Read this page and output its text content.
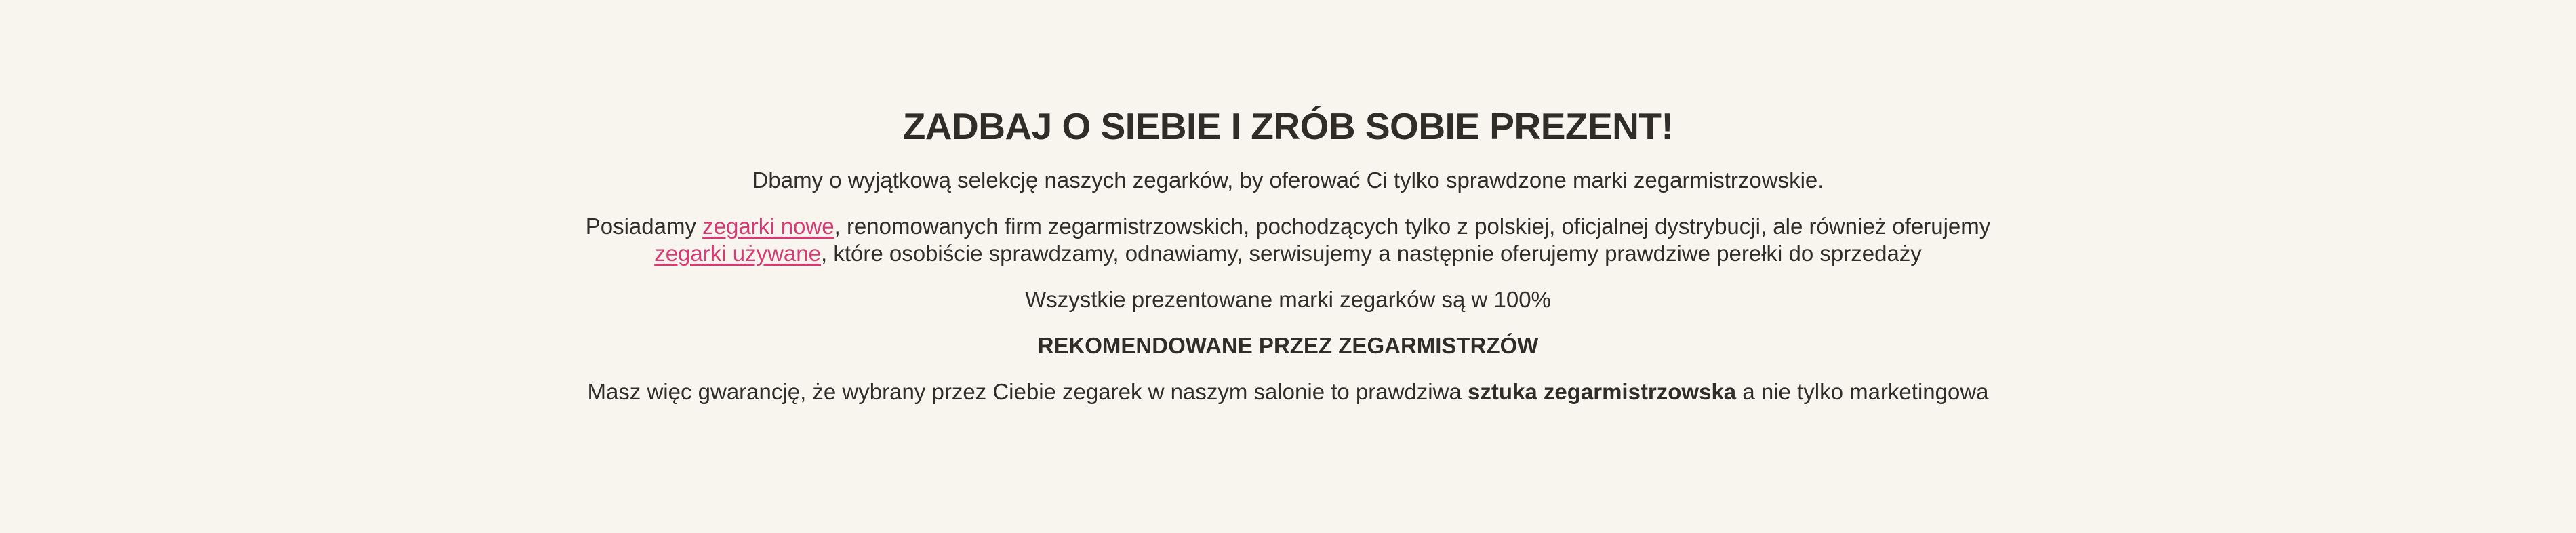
ZADBAJ O SIEBIE I ZRÓB SOBIE PREZENT!

Dbamy o wyjątkową selekcję naszych zegarków, by oferować Ci tylko sprawdzone marki zegarmistrzowskie.

Posiadamy zegarki nowe, renomowanych firm zegarmistrzowskich, pochodzących tylko z polskiej, oficjalnej dystrybucji, ale również oferujemy
zegarki używane, które osobiście sprawdzamy, odnawiamy, serwisujemy a następnie oferujemy prawdziwe perełki do sprzedaży

Wszystkie prezentowane marki zegarków są w 100%

REKOMENDOWANE PRZEZ ZEGARMISTRZÓW

Masz więc gwarancję, że wybrany przez Ciebie zegarek w naszym salonie to prawdziwa sztuka zegarmistrzowska a nie tylko marketingowa
